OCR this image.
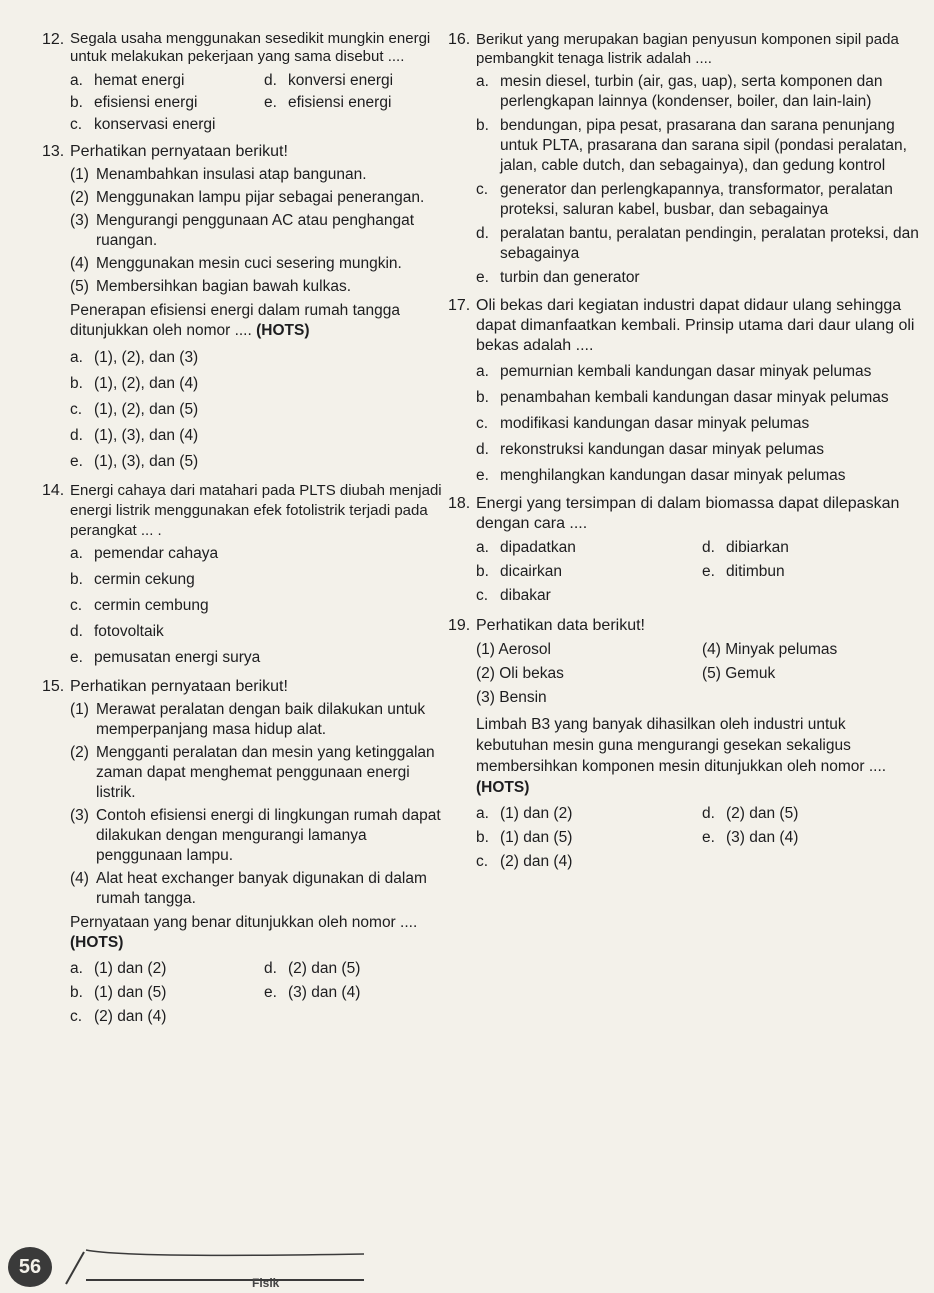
12. Segala usaha menggunakan sesedikit mungkin energi untuk melakukan pekerjaan yang sama disebut ....
a. hemat energi	d. konversi energi
b. efisiensi energi	e. efisiensi energi
c. konservasi energi
13. Perhatikan pernyataan berikut!
(1) Menambahkan insulasi atap bangunan.
(2) Menggunakan lampu pijar sebagai penerangan.
(3) Mengurangi penggunaan AC atau penghangat ruangan.
(4) Menggunakan mesin cuci sesering mungkin.
(5) Membersihkan bagian bawah kulkas.
Penerapan efisiensi energi dalam rumah tangga ditunjukkan oleh nomor .... (HOTS)
a. (1), (2), dan (3)
b. (1), (2), dan (4)
c. (1), (2), dan (5)
d. (1), (3), dan (4)
e. (1), (3), dan (5)
14. Energi cahaya dari matahari pada PLTS diubah menjadi energi listrik menggunakan efek fotolistrik terjadi pada perangkat ... .
a. pemendar cahaya
b. cermin cekung
c. cermin cembung
d. fotovoltaik
e. pemusatan energi surya
15. Perhatikan pernyataan berikut!
(1) Merawat peralatan dengan baik dilakukan untuk memperpanjang masa hidup alat.
(2) Mengganti peralatan dan mesin yang ketinggalan zaman dapat menghemat penggunaan energi listrik.
(3) Contoh efisiensi energi di lingkungan rumah dapat dilakukan dengan mengurangi lamanya penggunaan lampu.
(4) Alat heat exchanger banyak digunakan di dalam rumah tangga.
Pernyataan yang benar ditunjukkan oleh nomor .... (HOTS)
a. (1) dan (2)	d. (2) dan (5)
b. (1) dan (5)	e. (3) dan (4)
c. (2) dan (4)
16. Berikut yang merupakan bagian penyusun komponen sipil pada pembangkit tenaga listrik adalah ....
a. mesin diesel, turbin (air, gas, uap), serta komponen dan perlengkapan lainnya (kondenser, boiler, dan lain-lain)
b. bendungan, pipa pesat, prasarana dan sarana penunjang untuk PLTA, prasarana dan sarana sipil (pondasi peralatan, jalan, cable dutch, dan sebagainya), dan gedung kontrol
c. generator dan perlengkapannya, transformator, peralatan proteksi, saluran kabel, busbar, dan sebagainya
d. peralatan bantu, peralatan pendingin, peralatan proteksi, dan sebagainya
e. turbin dan generator
17. Oli bekas dari kegiatan industri dapat didaur ulang sehingga dapat dimanfaatkan kembali. Prinsip utama dari daur ulang oli bekas adalah ....
a. pemurnian kembali kandungan dasar minyak pelumas
b. penambahan kembali kandungan dasar minyak pelumas
c. modifikasi kandungan dasar minyak pelumas
d. rekonstruksi kandungan dasar minyak pelumas
e. menghilangkan kandungan dasar minyak pelumas
18. Energi yang tersimpan di dalam biomassa dapat dilepaskan dengan cara ....
a. dipadatkan	d. dibiarkan
b. dicairkan	e. ditimbun
c. dibakar
19. Perhatikan data berikut!
(1) Aerosol	(4) Minyak pelumas
(2) Oli bekas	(5) Gemuk
(3) Bensin
Limbah B3 yang banyak dihasilkan oleh industri untuk kebutuhan mesin guna mengurangi gesekan sekaligus membersihkan komponen mesin ditunjukkan oleh nomor .... (HOTS)
a. (1) dan (2)	d. (2) dan (5)
b. (1) dan (5)	e. (3) dan (4)
c. (2) dan (4)
56
Fisik
